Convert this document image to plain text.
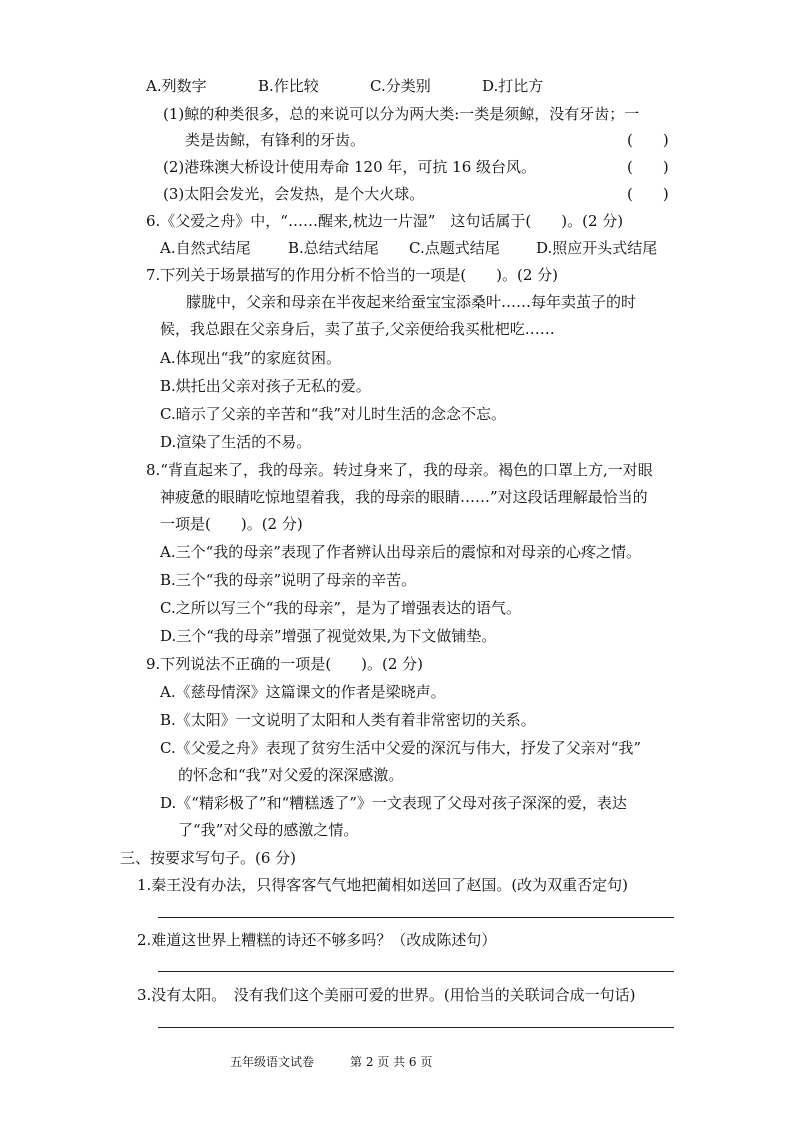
A.列数字	B.作比较	C.分类别	D.打比方
(1)鲸的种类很多，总的来说可以分为两大类:一类是须鲸，没有牙齿；一
类是齿鲸，有锋利的牙齿。	(　　)
(2)港珠澳大桥设计使用寿命 120 年，可抗 16 级台风。	(　　)
(3)太阳会发光，会发热，是个大火球。	(　　)
6.《父爱之舟》中，“……醒来,枕边一片湿”　这句话属于(　　)。(2 分)
A.自然式结尾 B.总结式结尾 C.点题式结尾 D.照应开头式结尾
7.下列关于场景描写的作用分析不恰当的一项是(　　)。(2 分)
朦胧中，父亲和母亲在半夜起来给蚕宝宝添桑叶……每年卖茧子的时
候，我总跟在父亲身后，卖了茧子,父亲便给我买枇杷吃……
A.体现出“我”的家庭贫困。
B.烘托出父亲对孩子无私的爱。
C.暗示了父亲的辛苦和“我”对儿时生活的念念不忘。
D.渲染了生活的不易。
8.“背直起来了，我的母亲。转过身来了，我的母亲。褐色的口罩上方,一对眼
神疲惫的眼睛吃惊地望着我，我的母亲的眼睛……”对这段话理解最恰当的
一项是(　　)。(2 分)
A.三个“我的母亲”表现了作者辨认出母亲后的震惊和对母亲的心疼之情。
B.三个“我的母亲”说明了母亲的辛苦。
C.之所以写三个“我的母亲”，是为了增强表达的语气。
D.三个“我的母亲”增强了视觉效果,为下文做铺垫。
9.下列说法不正确的一项是(　　)。(2 分)
A.《慈母情深》这篇课文的作者是梁晓声。
B.《太阳》一文说明了太阳和人类有着非常密切的关系。
C.《父爱之舟》表现了贫穷生活中父爱的深沉与伟大，抒发了父亲对“我”
的怀念和“我”对父爱的深深感激。
D.《“精彩极了”和“糟糕透了”》一文表现了父母对孩子深深的爱，表达
了“我”对父母的感激之情。
三、按要求写句子。(6 分)
1.秦王没有办法，只得客客气气地把蔺相如送回了赵国。(改为双重否定句)
2.难道这世界上糟糕的诗还不够多吗？（改成陈述句）
3.没有太阳。　没有我们这个美丽可爱的世界。(用恰当的关联词合成一句话)
五年级语文试卷	第 2 页 共 6 页
